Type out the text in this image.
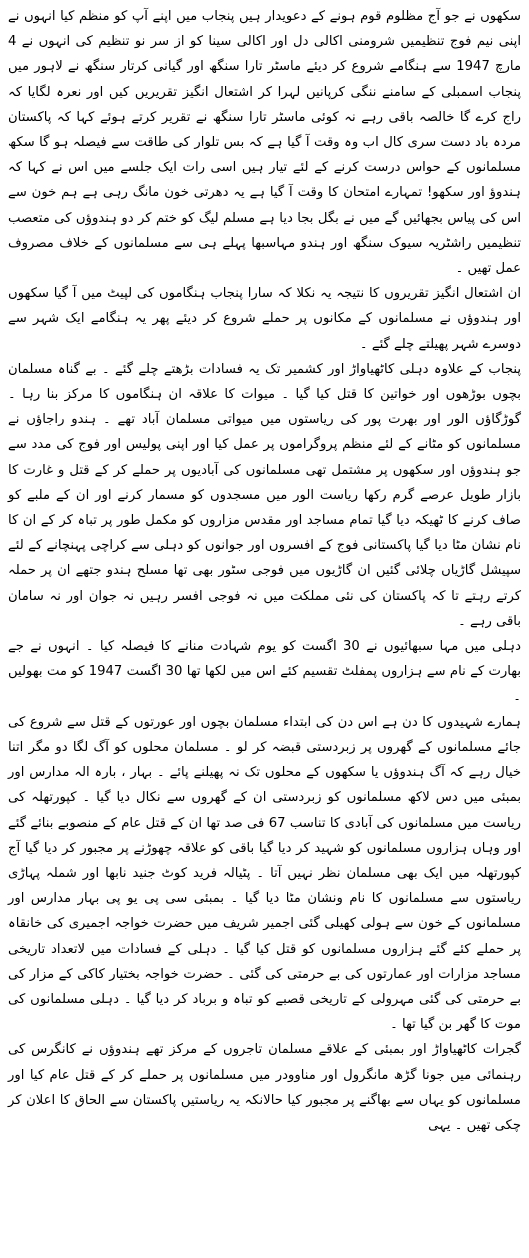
سکھوں نے جو آج مظلوم قوم ہونے کے دعویدار ہیں پنجاب میں اپنے آپ کو منظم کیا انہوں نے اپنی نیم فوج تنظیمیں شرومنی اکالی دل اور اکالی سینا کو از سر نو تنظیم کی انہوں نے 4 مارچ 1947 سے ہنگامے شروع کر دیئے ماسٹر تارا سنگھ اور گیانی کرتار سنگھ نے لاہور میں پنجاب اسمبلی کے سامنے ننگی کرپانیں لہرا کر اشتعال انگیز تقریریں کیں اور نعرہ لگایا کہ راج کرے گا خالصہ باقی رہے نہ کوئی ماسٹر تارا سنگھ نے تقریر کرتے ہوئے کہا کہ پاکستان مردہ باد دست سری کال اب وہ وقت آ گیا ہے کہ بس تلوار کی طاقت سے فیصلہ ہو گا سکھ مسلمانوں کے حواس درست کرنے کے لئے تیار ہیں اسی رات ایک جلسے میں اس نے کہا کہ ہندوؤ اور سکھو! تمہارے امتحان کا وقت آ گیا ہے یہ دھرتی خون مانگ رہی ہے ہم خون سے اس کی پیاس بجھائیں گے میں نے بگل بجا دیا ہے مسلم لیگ کو ختم کر دو ہندوؤں کی متعصب تنظیمیں راشٹریہ سیوک سنگھ اور ہندو مہاسبھا پہلے ہی سے مسلمانوں کے خلاف مصروف عمل تھیں ۔

ان اشتعال انگیز تقریروں کا نتیجہ یہ نکلا کہ سارا پنجاب ہنگاموں کی لپیٹ میں آ گیا سکھوں اور ہندوؤں نے مسلمانوں کے مکانوں پر حملے شروع کر دیئے پھر یہ ہنگامے ایک شہر سے دوسرے شہر پھیلتے چلے گئے ۔

پنجاب کے علاوہ دہلی کاٹھیاواڑ اور کشمیر تک یہ فسادات بڑھتے چلے گئے ۔ بے گناہ مسلمان بچوں بوڑھوں اور خواتین کا قتل کیا گیا ۔ میوات کا علاقہ ان ہنگاموں کا مرکز بنا رہا ۔ گوڑگاؤں الور اور بھرت پور کی ریاستوں میں میواتی مسلمان آباد تھے ۔ ہندو راجاؤں نے مسلمانوں کو مٹانے کے لئے منظم پروگراموں پر عمل کیا اور اپنی پولیس اور فوج کی مدد سے جو ہندوؤں اور سکھوں پر مشتمل تھی مسلمانوں کی آبادیوں پر حملے کر کے قتل و غارت کا بازار طویل عرصے گرم رکھا ریاست الور میں مسجدوں کو مسمار کرنے اور ان کے ملبے کو صاف کرنے کا ٹھیکہ دیا گیا تمام مساجد اور مقدس مزاروں کو مکمل طور پر تباہ کر کے ان کا نام نشان مٹا دیا گیا پاکستانی فوج کے افسروں اور جوانوں کو دہلی سے کراچی پہنچانے کے لئے سپیشل گاڑیاں چلائی گئیں ان گاڑیوں میں فوجی سٹور بھی تھا مسلح ہندو جتھے ان پر حملہ کرتے رہتے تا کہ پاکستان کی نئی مملکت میں نہ فوجی افسر رہیں نہ جوان اور نہ سامان باقی رہے ۔

دہلی میں مہا سبھائیوں نے 30 اگست کو یوم شہادت منانے کا فیصلہ کیا ۔ انہوں نے جے بھارت کے نام سے ہزاروں پمفلٹ تقسیم کئے اس میں لکھا تھا 30 اگست 1947 کو مت بھولیں ۔

ہمارے شہیدوں کا دن ہے اس دن کی ابتداء مسلمان بچوں اور عورتوں کے قتل سے شروع کی جائے مسلمانوں کے گھروں پر زبردستی قبضہ کر لو ۔ مسلمان محلوں کو آگ لگا دو مگر اتنا خیال رہے کہ آگ ہندوؤں یا سکھوں کے محلوں تک نہ پھیلنے پائے ۔ بہار ، بارہ الہ مدارس اور بمبئی میں دس لاکھ مسلمانوں کو زبردستی ان کے گھروں سے نکال دیا گیا ۔ کپورتھلہ کی ریاست میں مسلمانوں کی آبادی کا تناسب 67 فی صد تھا ان کے قتل عام کے منصوبے بنائے گئے اور وہاں ہزاروں مسلمانوں کو شہید کر دیا گیا باقی کو علاقہ چھوڑنے پر مجبور کر دیا گیا آج کپورتھلہ میں ایک بھی مسلمان نظر نہیں آتا ۔ پٹیالہ فرید کوٹ جنید نابھا اور شملہ پہاڑی ریاستوں سے مسلمانوں کا نام ونشان مٹا دیا گیا ۔ بمبئی سی پی یو پی بہار مدارس اور مسلمانوں کے خون سے ہولی کھیلی گئی اجمیر شریف میں حضرت خواجہ اجمیری کی خانقاہ پر حملے کئے گئے ہزاروں مسلمانوں کو قتل کیا گیا ۔ دہلی کے فسادات میں لاتعداد تاریخی مساجد مزارات اور عمارتوں کی بے حرمتی کی گئی ۔ حضرت خواجہ بختیار کاکی کے مزار کی بے حرمتی کی گئی مہرولی کے تاریخی قصبے کو تباہ و برباد کر دیا گیا ۔ دہلی مسلمانوں کی موت کا گھر بن گیا تھا ۔

گجرات کاٹھیاواڑ اور بمبئی کے علاقے مسلمان تاجروں کے مرکز تھے ہندوؤں نے کانگرس کی رہنمائی میں جونا گڑھ مانگرول اور مناوودر میں مسلمانوں پر حملے کر کے قتل عام کیا اور مسلمانوں کو یہاں سے بھاگنے پر مجبور کیا حالانکہ یہ ریاستیں پاکستان سے الحاق کا اعلان کر چکی تھیں ۔ یہی
